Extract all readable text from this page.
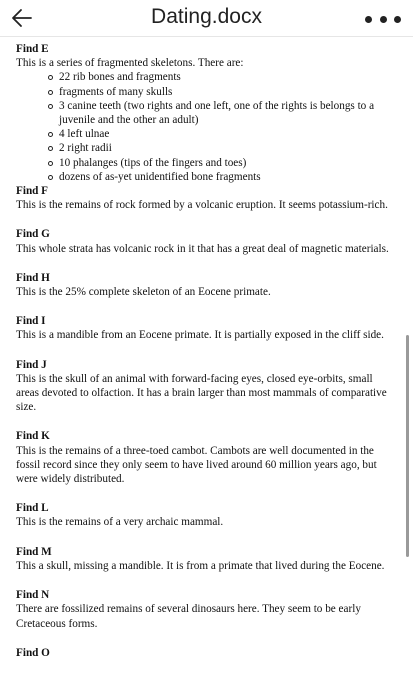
Dating.docx
Find E
This is a series of fragmented skeletons. There are:
22 rib bones and fragments
fragments of many skulls
3 canine teeth (two rights and one left, one of the rights is belongs to a juvenile and the other an adult)
4 left ulnae
2 right radii
10 phalanges (tips of the fingers and toes)
dozens of as-yet unidentified bone fragments
Find F
This is the remains of rock formed by a volcanic eruption. It seems potassium-rich.
Find G
This whole strata has volcanic rock in it that has a great deal of magnetic materials.
Find H
This is the 25% complete skeleton of an Eocene primate.
Find I
This is a mandible from an Eocene primate. It is partially exposed in the cliff side.
Find J
This is the skull of an animal with forward-facing eyes, closed eye-orbits, small areas devoted to olfaction. It has a brain larger than most mammals of comparative size.
Find K
This is the remains of a three-toed cambot. Cambots are well documented in the fossil record since they only seem to have lived around 60 million years ago, but were widely distributed.
Find L
This is the remains of a very archaic mammal.
Find M
This a skull, missing a mandible. It is from a primate that lived during the Eocene.
Find N
There are fossilized remains of several dinosaurs here. They seem to be early Cretaceous forms.
Find O
